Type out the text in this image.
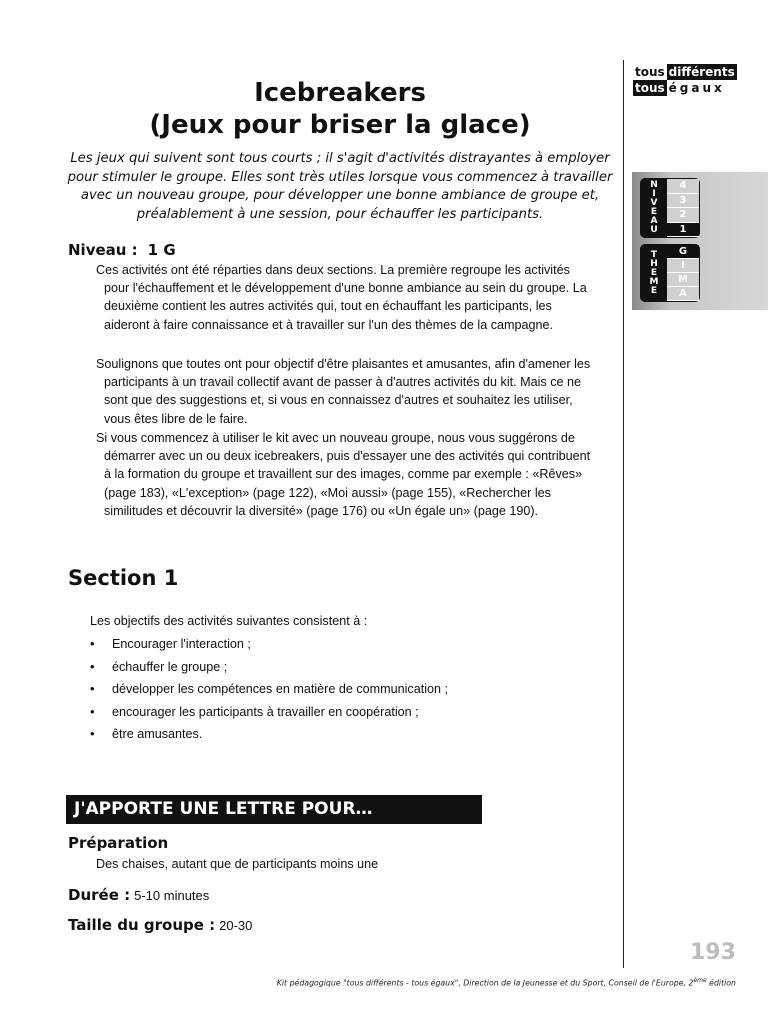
tous différents
tous égaux
N
I
V
E
A
U
4
3
2
1
T
H
E
M
E
G
I
M
A
Icebreakers
(Jeux pour briser la glace)

Les jeux qui suivent sont tous courts ; il s'agit d'activités distrayantes à employer pour stimuler le groupe. Elles sont très utiles lorsque vous commencez à travailler avec un nouveau groupe, pour développer une bonne ambiance de groupe et, préalablement à une session, pour échauffer les participants.

Niveau : 1 G

Ces activités ont été réparties dans deux sections. La première regroupe les activités pour l'échauffement et le développement d'une bonne ambiance au sein du groupe. La deuxième contient les autres activités qui, tout en échauffant les participants, les aideront à faire connaissance et à travailler sur l'un des thèmes de la campagne.

Soulignons que toutes ont pour objectif d'être plaisantes et amusantes, afin d'amener les participants à un travail collectif avant de passer à d'autres activités du kit. Mais ce ne sont que des suggestions et, si vous en connaissez d'autres et souhaitez les utiliser, vous êtes libre de le faire.

Si vous commencez à utiliser le kit avec un nouveau groupe, nous vous suggérons de démarrer avec un ou deux icebreakers, puis d'essayer une des activités qui contribuent à la formation du groupe et travaillent sur des images, comme par exemple : «Rêves» (page 183), «L'exception» (page 122), «Moi aussi» (page 155), «Rechercher les similitudes et découvrir la diversité» (page 176) ou «Un égale un» (page 190).

Section 1

Les objectifs des activités suivantes consistent à :

•	Encourager l'interaction ;
•	échauffer le groupe ;
•	développer les compétences en matière de communication ;
•	encourager les participants à travailler en coopération ;
•	être amusantes.
J'APPORTE UNE LETTRE POUR…
Préparation

Des chaises, autant que de participants moins une

Durée : 5-10 minutes
Taille du groupe : 20-30
193
Kit pédagogique "tous différents - tous égaux", Direction de la Jeunesse et du Sport, Conseil de l'Europe, 2ème édition
